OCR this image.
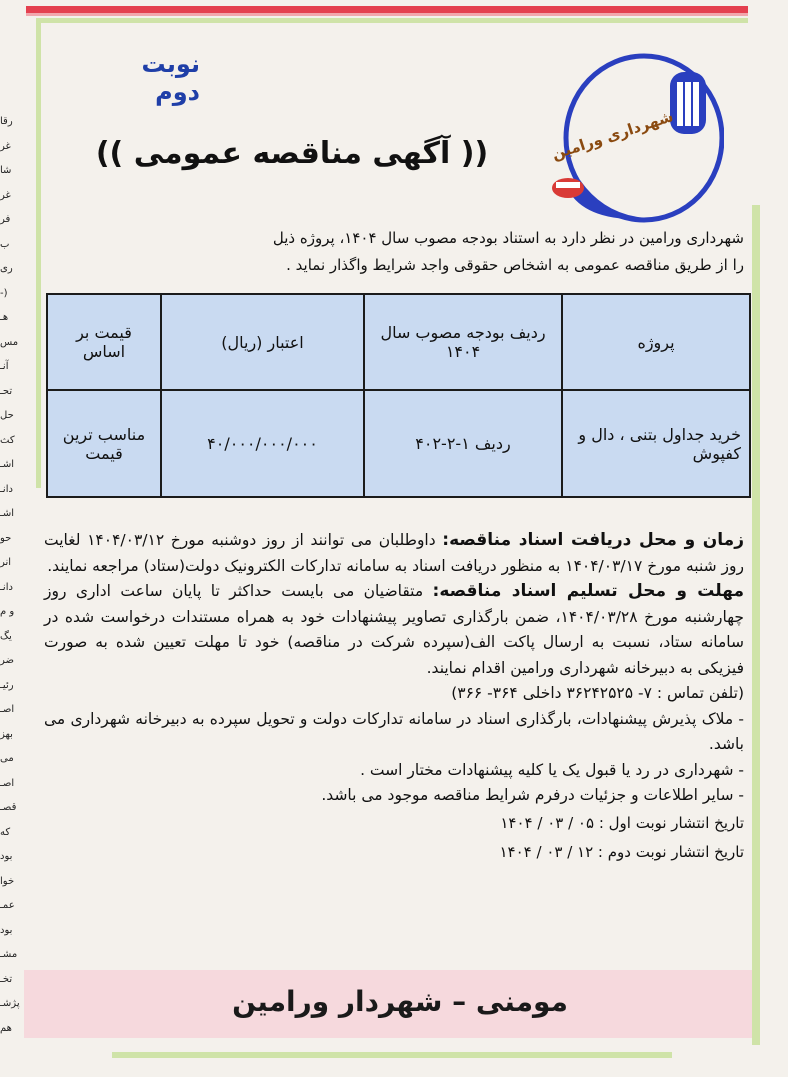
رقا
غر
شا
غر
فر
ب
ری
(-
هـ
مس
آنـ
تحـ
حل
کث
اشـ
دانـ
اشـ
حو
انر
دانـ
و م
یگ
ضر
رئیـ
اصـ
بهز
می
اصـ
قصـ
که
بود
خوا
عمـ
بود
مشـ
تخـ
پژشـ
هم
نوبت دوم
شهرداری ورامین
(( آگهی مناقصه عمومی ))

شهرداری ورامین در نظر دارد به استناد بودجه مصوب سال ۱۴۰۴، پروژه ذیل

را از طریق مناقصه عمومی به اشخاص حقوقی واجد شرایط واگذار نماید .

پروژه	ردیف بودجه مصوب سال ۱۴۰۴	اعتبار (ریال)	قیمت بر اساس
خرید جداول بتنی ، دال و کفپوش	ردیف ۱-۲-۴۰۲	۴۰/۰۰۰/۰۰۰/۰۰۰	مناسب ترین قیمت

زمان و محل دریافت اسناد مناقصه: داوطلبان می توانند از روز دوشنبه مورخ ۱۴۰۴/۰۳/۱۲ لغایت روز شنبه مورخ ۱۴۰۴/۰۳/۱۷ به منظور دریافت اسناد به سامانه تدارکات الکترونیک دولت(ستاد) مراجعه نمایند.

مهلت و محل تسلیم اسناد مناقصه: متقاضیان می بایست حداکثر تا پایان ساعت اداری روز چهارشنبه مورخ ۱۴۰۴/۰۳/۲۸، ضمن بارگذاری تصاویر پیشنهادات خود به همراه مستندات درخواست شده در سامانه ستاد، نسبت به ارسال پاکت الف(سپرده شرکت در مناقصه) خود تا مهلت تعیین شده به صورت فیزیکی به دبیرخانه شهرداری ورامین اقدام نمایند.

(تلفن تماس : ۷- ۳۶۲۴۲۵۲۵ داخلی ۳۶۴- ۳۶۶)

- ملاک پذیرش پیشنهادات، بارگذاری اسناد در سامانه تدارکات دولت و تحویل سپرده به دبیرخانه شهرداری می باشد.

- شهرداری در رد یا قبول یک یا کلیه پیشنهادات مختار است .

- سایر اطلاعات و جزئیات درفرم شرایط مناقصه موجود می باشد.

تاریخ انتشار نوبت اول : ۰۵ / ۰۳ / ۱۴۰۴

تاریخ انتشار نوبت دوم : ۱۲ / ۰۳ / ۱۴۰۴

مومنی – شهردار ورامین
